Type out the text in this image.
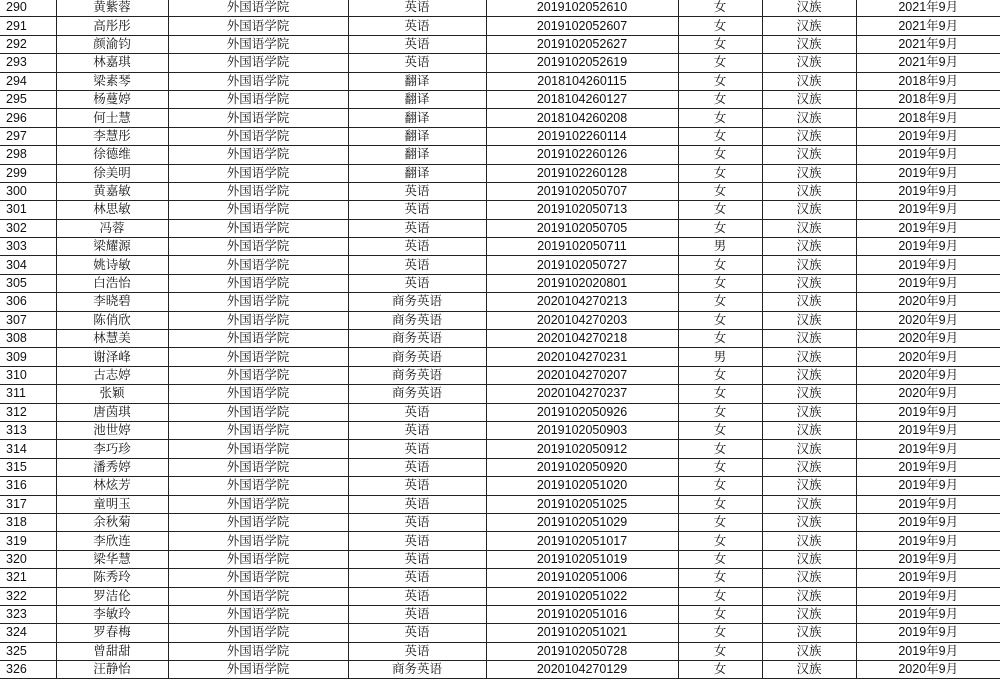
290	黄紫蓉	外国语学院	英语	2019102052610	女	汉族	2021年9月
291	高彤彤	外国语学院	英语	2019102052607	女	汉族	2021年9月
292	颜渝钧	外国语学院	英语	2019102052627	女	汉族	2021年9月
293	林嘉琪	外国语学院	英语	2019102052619	女	汉族	2021年9月
294	梁素琴	外国语学院	翻译	2018104260115	女	汉族	2018年9月
295	杨蔓婷	外国语学院	翻译	2018104260127	女	汉族	2018年9月
296	何士慧	外国语学院	翻译	2018104260208	女	汉族	2018年9月
297	李慧彤	外国语学院	翻译	2019102260114	女	汉族	2019年9月
298	徐德维	外国语学院	翻译	2019102260126	女	汉族	2019年9月
299	徐美明	外国语学院	翻译	2019102260128	女	汉族	2019年9月
300	黄嘉敏	外国语学院	英语	2019102050707	女	汉族	2019年9月
301	林思敏	外国语学院	英语	2019102050713	女	汉族	2019年9月
302	冯蓉	外国语学院	英语	2019102050705	女	汉族	2019年9月
303	梁耀源	外国语学院	英语	2019102050711	男	汉族	2019年9月
304	姚诗敏	外国语学院	英语	2019102050727	女	汉族	2019年9月
305	白浩怡	外国语学院	英语	2019102020801	女	汉族	2019年9月
306	李晓碧	外国语学院	商务英语	2020104270213	女	汉族	2020年9月
307	陈俏欣	外国语学院	商务英语	2020104270203	女	汉族	2020年9月
308	林慧美	外国语学院	商务英语	2020104270218	女	汉族	2020年9月
309	谢泽峰	外国语学院	商务英语	2020104270231	男	汉族	2020年9月
310	古志婷	外国语学院	商务英语	2020104270207	女	汉族	2020年9月
311	张颖	外国语学院	商务英语	2020104270237	女	汉族	2020年9月
312	唐茵琪	外国语学院	英语	2019102050926	女	汉族	2019年9月
313	池世婷	外国语学院	英语	2019102050903	女	汉族	2019年9月
314	李巧珍	外国语学院	英语	2019102050912	女	汉族	2019年9月
315	潘秀婷	外国语学院	英语	2019102050920	女	汉族	2019年9月
316	林炫芳	外国语学院	英语	2019102051020	女	汉族	2019年9月
317	童明玉	外国语学院	英语	2019102051025	女	汉族	2019年9月
318	余秋菊	外国语学院	英语	2019102051029	女	汉族	2019年9月
319	李欣连	外国语学院	英语	2019102051017	女	汉族	2019年9月
320	梁华慧	外国语学院	英语	2019102051019	女	汉族	2019年9月
321	陈秀玲	外国语学院	英语	2019102051006	女	汉族	2019年9月
322	罗洁伦	外国语学院	英语	2019102051022	女	汉族	2019年9月
323	李敏玲	外国语学院	英语	2019102051016	女	汉族	2019年9月
324	罗春梅	外国语学院	英语	2019102051021	女	汉族	2019年9月
325	曾甜甜	外国语学院	英语	2019102050728	女	汉族	2019年9月
326	汪静怡	外国语学院	商务英语	2020104270129	女	汉族	2020年9月
